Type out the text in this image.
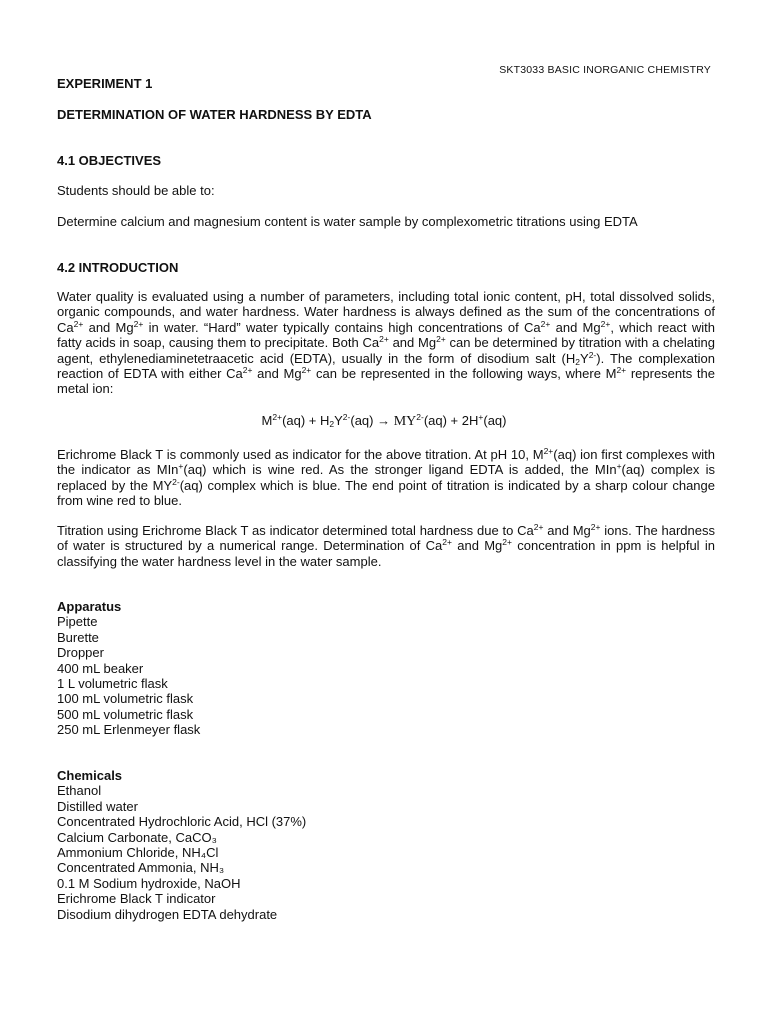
SKT3033 BASIC INORGANIC CHEMISTRY
EXPERIMENT 1
DETERMINATION OF WATER HARDNESS BY EDTA
4.1 OBJECTIVES
Students should be able to:
Determine calcium and magnesium content is water sample by complexometric titrations using EDTA
4.2 INTRODUCTION
Water quality is evaluated using a number of parameters, including total ionic content, pH, total dissolved solids, organic compounds, and water hardness. Water hardness is always defined as the sum of the concentrations of $Ca^{2+}$ and $Mg^{2+}$ in water. “Hard” water typically contains high concentrations of $Ca^{2+}$ and $Mg^{2+}$, which react with fatty acids in soap, causing them to precipitate. Both $Ca^{2+}$ and $Mg^{2+}$ can be determined by titration with a chelating agent, ethylenediaminetetraacetic acid (EDTA), usually in the form of disodium salt $(H_2Y^{2-})$. The complexation reaction of EDTA with either $Ca^{2+}$ and $Mg^{2+}$ can be represented in the following ways, where $M^{2+}$ represents the metal ion:
$M^{2+}(aq) + H_2Y^{2-}(aq) \to MY^{2-}(aq) + 2H^+(aq)$
Erichrome Black T is commonly used as indicator for the above titration. At pH 10, $M^{2+}(aq)$ ion first complexes with the indicator as MIn+(aq) which is wine red. As the stronger ligand EDTA is added, the MIn+(aq) complex is replaced by the $MY^{2-}(aq)$ complex which is blue. The end point of titration is indicated by a sharp colour change from wine red to blue.
Titration using Erichrome Black T as indicator determined total hardness due to $Ca^{2+}$ and $Mg^{2+}$ ions. The hardness of water is structured by a numerical range. Determination of $Ca^{2+}$ and $Mg^{2+}$ concentration in ppm is helpful in classifying the water hardness level in the water sample.
Apparatus
Pipette
Burette
Dropper
400 mL beaker
1 L volumetric flask
100 mL volumetric flask
500 mL volumetric flask
250 mL Erlenmeyer flask
Chemicals
Ethanol
Distilled water
Concentrated Hydrochloric Acid, HCl (37%)
Calcium Carbonate, CaCO₃
Ammonium Chloride, NH₄Cl
Concentrated Ammonia, NH₃
0.1 M Sodium hydroxide, NaOH
Erichrome Black T indicator
Disodium dihydrogen EDTA dehydrate
